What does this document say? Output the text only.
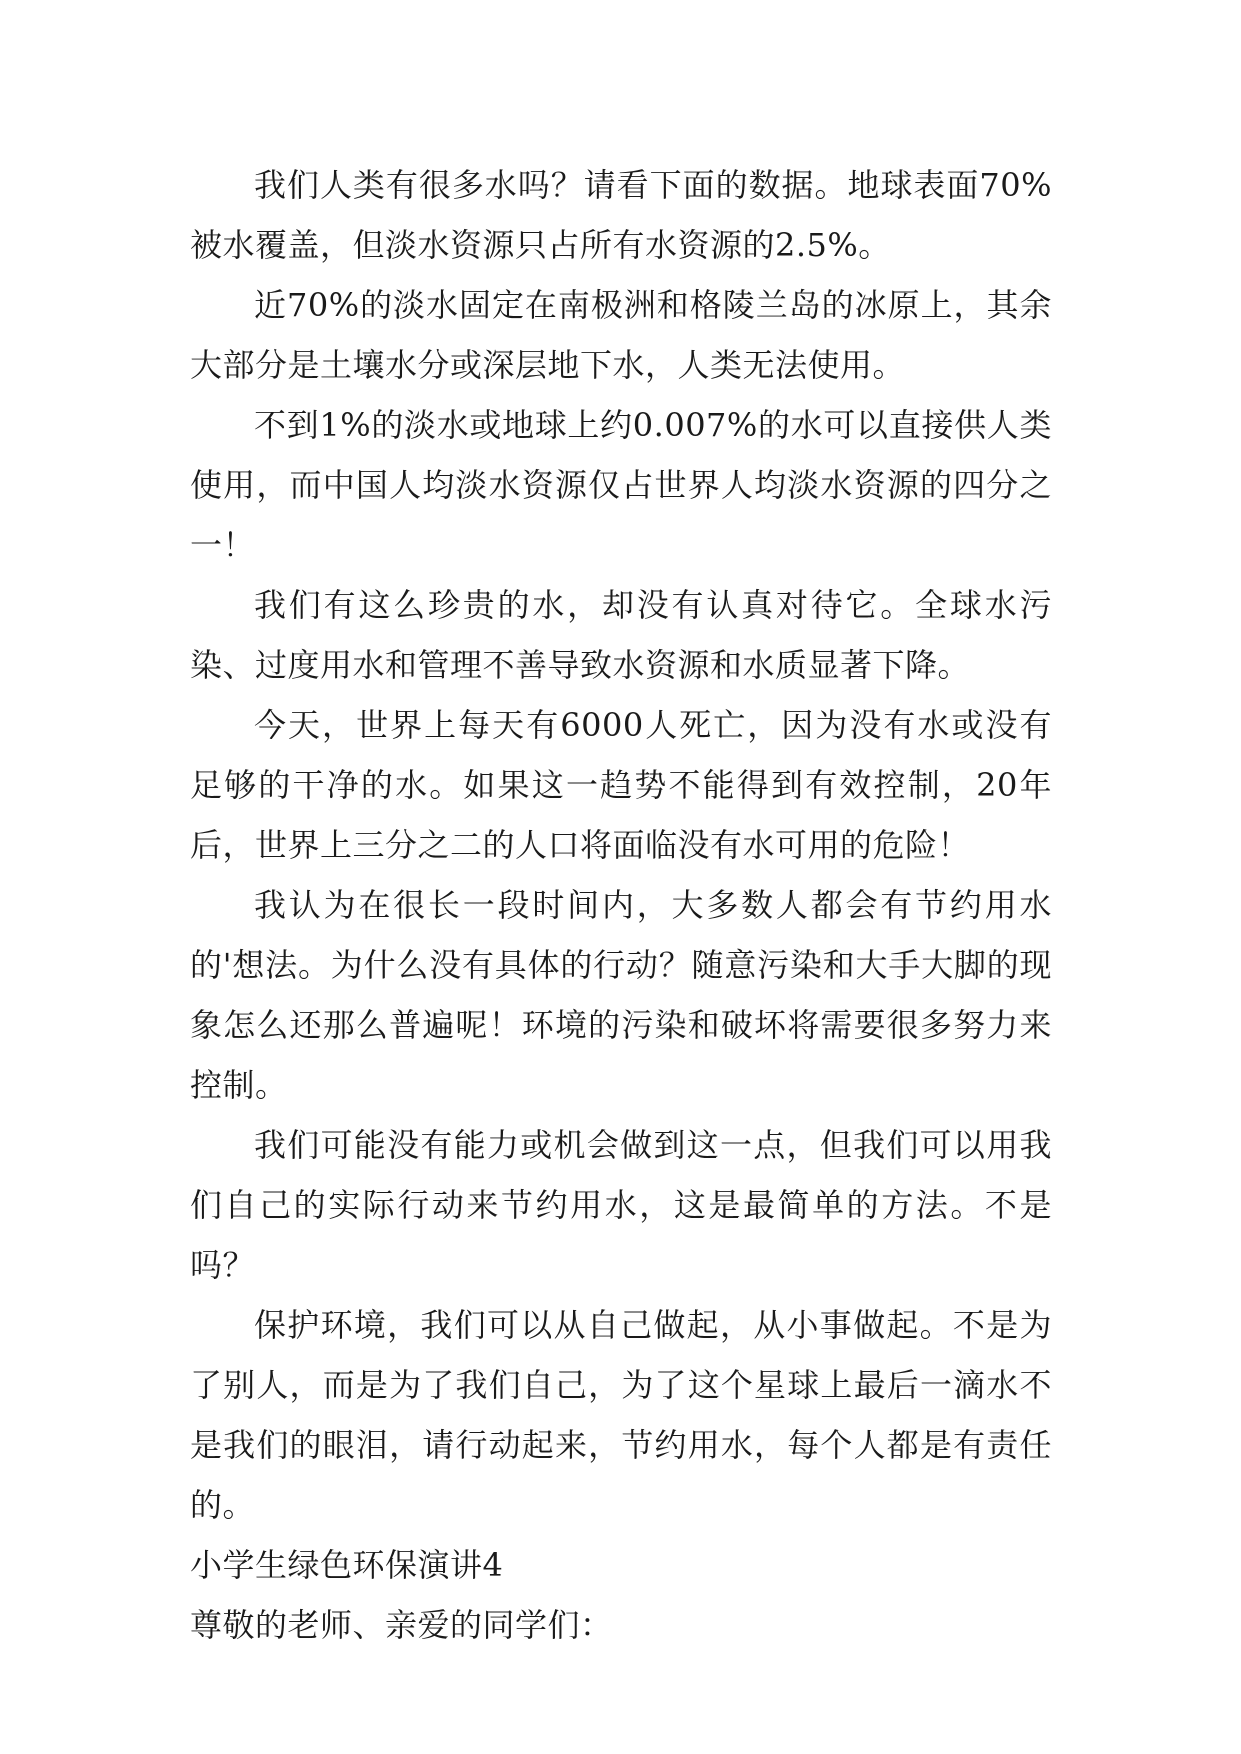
我们人类有很多水吗？请看下面的数据。地球表面70%被水覆盖，但淡水资源只占所有水资源的2.5%。

近70%的淡水固定在南极洲和格陵兰岛的冰原上，其余大部分是土壤水分或深层地下水，人类无法使用。

不到1%的淡水或地球上约0.007%的水可以直接供人类使用，而中国人均淡水资源仅占世界人均淡水资源的四分之一！

我们有这么珍贵的水，却没有认真对待它。全球水污染、过度用水和管理不善导致水资源和水质显著下降。

今天，世界上每天有6000人死亡，因为没有水或没有足够的干净的水。如果这一趋势不能得到有效控制，20年后，世界上三分之二的人口将面临没有水可用的危险！

我认为在很长一段时间内，大多数人都会有节约用水的'想法。为什么没有具体的行动？随意污染和大手大脚的现象怎么还那么普遍呢！环境的污染和破坏将需要很多努力来控制。

我们可能没有能力或机会做到这一点，但我们可以用我们自己的实际行动来节约用水，这是最简单的方法。不是吗？

保护环境，我们可以从自己做起，从小事做起。不是为了别人，而是为了我们自己，为了这个星球上最后一滴水不是我们的眼泪，请行动起来，节约用水，每个人都是有责任的。

小学生绿色环保演讲4

尊敬的老师、亲爱的同学们：
